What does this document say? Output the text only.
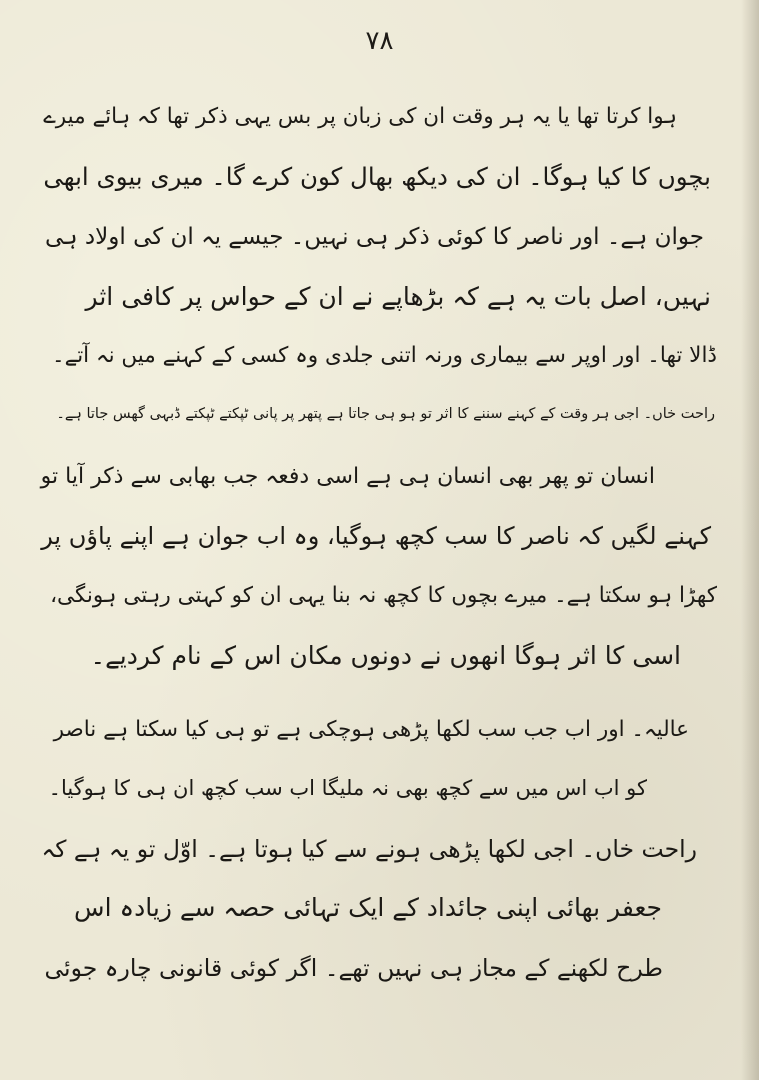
۷۸
ہوا کرتا تھا یا یہ ہر وقت ان کی زبان پر بس یہی ذکر تھا کہ ہائے میرے
بچوں کا کیا ہوگا۔ ان کی دیکھ بھال کون کرے گا۔ میری بیوی ابھی
جوان ہے۔ اور ناصر کا کوئی ذکر ہی نہیں۔ جیسے یہ ان کی اولاد ہی
نہیں، اصل بات یہ ہے کہ بڑھاپے نے ان کے حواس پر کافی اثر
ڈالا تھا۔ اور اوپر سے بیماری ورنہ اتنی جلدی وہ کسی کے کہنے میں نہ آتے۔
راحت خاں۔ اجی ہر وقت کے کہنے سننے کا اثر تو ہو ہی جاتا ہے پتھر پر پانی ٹپکتے ٹپکتے ڈبہی گھس جاتا ہے۔
انسان تو پھر بھی انسان ہی ہے اسی دفعہ جب بھابی سے ذکر آیا تو
کہنے لگیں کہ ناصر کا سب کچھ ہوگیا، وہ اب جوان ہے اپنے پاؤں پر
کھڑا ہو سکتا ہے۔ میرے بچوں کا کچھ نہ بنا یہی ان کو کہتی رہتی ہونگی،
اسی کا اثر ہوگا انھوں نے دونوں مکان اس کے نام کردیے۔
عالیہ۔ اور اب جب سب لکھا پڑھی ہوچکی ہے تو ہی کیا سکتا ہے ناصر
کو اب اس میں سے کچھ بھی نہ ملیگا اب سب کچھ ان ہی کا ہوگیا۔
راحت خاں۔ اجی لکھا پڑھی ہونے سے کیا ہوتا ہے۔ اوّل تو یہ ہے کہ
جعفر بھائی اپنی جائداد کے ایک تہائی حصہ سے زیادہ اس
طرح لکھنے کے مجاز ہی نہیں تھے۔ اگر کوئی قانونی چارہ جوئی
